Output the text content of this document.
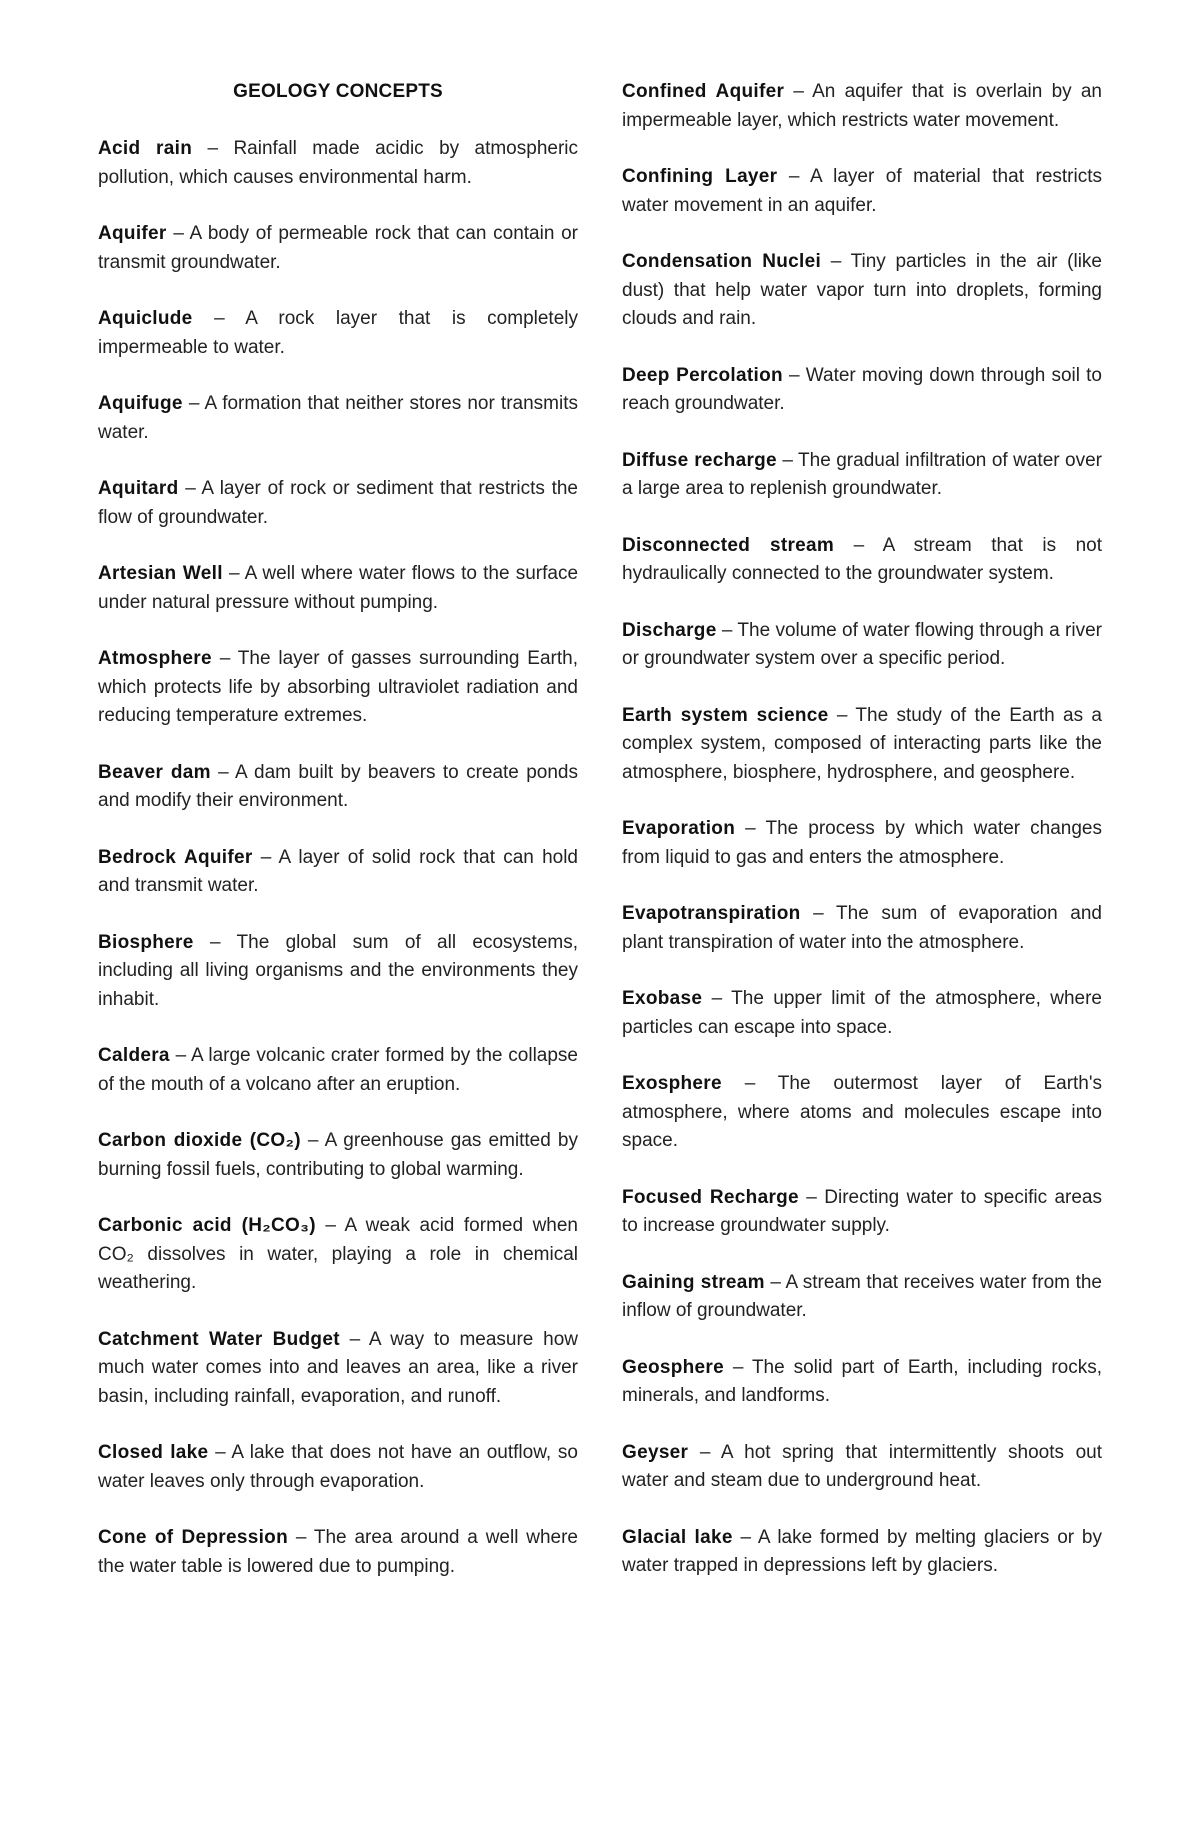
GEOLOGY CONCEPTS
Acid rain – Rainfall made acidic by atmospheric pollution, which causes environmental harm.
Aquifer – A body of permeable rock that can contain or transmit groundwater.
Aquiclude – A rock layer that is completely impermeable to water.
Aquifuge – A formation that neither stores nor transmits water.
Aquitard – A layer of rock or sediment that restricts the flow of groundwater.
Artesian Well – A well where water flows to the surface under natural pressure without pumping.
Atmosphere – The layer of gasses surrounding Earth, which protects life by absorbing ultraviolet radiation and reducing temperature extremes.
Beaver dam – A dam built by beavers to create ponds and modify their environment.
Bedrock Aquifer – A layer of solid rock that can hold and transmit water.
Biosphere – The global sum of all ecosystems, including all living organisms and the environments they inhabit.
Caldera – A large volcanic crater formed by the collapse of the mouth of a volcano after an eruption.
Carbon dioxide (CO₂) – A greenhouse gas emitted by burning fossil fuels, contributing to global warming.
Carbonic acid (H₂CO₃) – A weak acid formed when CO₂ dissolves in water, playing a role in chemical weathering.
Catchment Water Budget – A way to measure how much water comes into and leaves an area, like a river basin, including rainfall, evaporation, and runoff.
Closed lake – A lake that does not have an outflow, so water leaves only through evaporation.
Cone of Depression – The area around a well where the water table is lowered due to pumping.
Confined Aquifer – An aquifer that is overlain by an impermeable layer, which restricts water movement.
Confining Layer – A layer of material that restricts water movement in an aquifer.
Condensation Nuclei – Tiny particles in the air (like dust) that help water vapor turn into droplets, forming clouds and rain.
Deep Percolation – Water moving down through soil to reach groundwater.
Diffuse recharge – The gradual infiltration of water over a large area to replenish groundwater.
Disconnected stream – A stream that is not hydraulically connected to the groundwater system.
Discharge – The volume of water flowing through a river or groundwater system over a specific period.
Earth system science – The study of the Earth as a complex system, composed of interacting parts like the atmosphere, biosphere, hydrosphere, and geosphere.
Evaporation – The process by which water changes from liquid to gas and enters the atmosphere.
Evapotranspiration – The sum of evaporation and plant transpiration of water into the atmosphere.
Exobase – The upper limit of the atmosphere, where particles can escape into space.
Exosphere – The outermost layer of Earth's atmosphere, where atoms and molecules escape into space.
Focused Recharge – Directing water to specific areas to increase groundwater supply.
Gaining stream – A stream that receives water from the inflow of groundwater.
Geosphere – The solid part of Earth, including rocks, minerals, and landforms.
Geyser – A hot spring that intermittently shoots out water and steam due to underground heat.
Glacial lake – A lake formed by melting glaciers or by water trapped in depressions left by glaciers.
